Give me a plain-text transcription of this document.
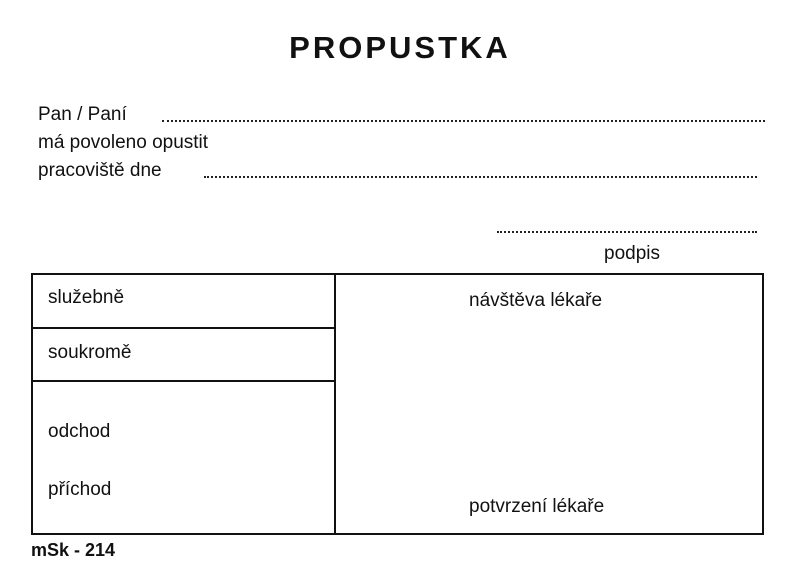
PROPUSTKA
Pan / Paní
má povoleno opustit
pracoviště dne
podpis
služebně
soukromě
odchod
příchod
návštěva lékaře
potvrzení lékaře
mSk - 214
